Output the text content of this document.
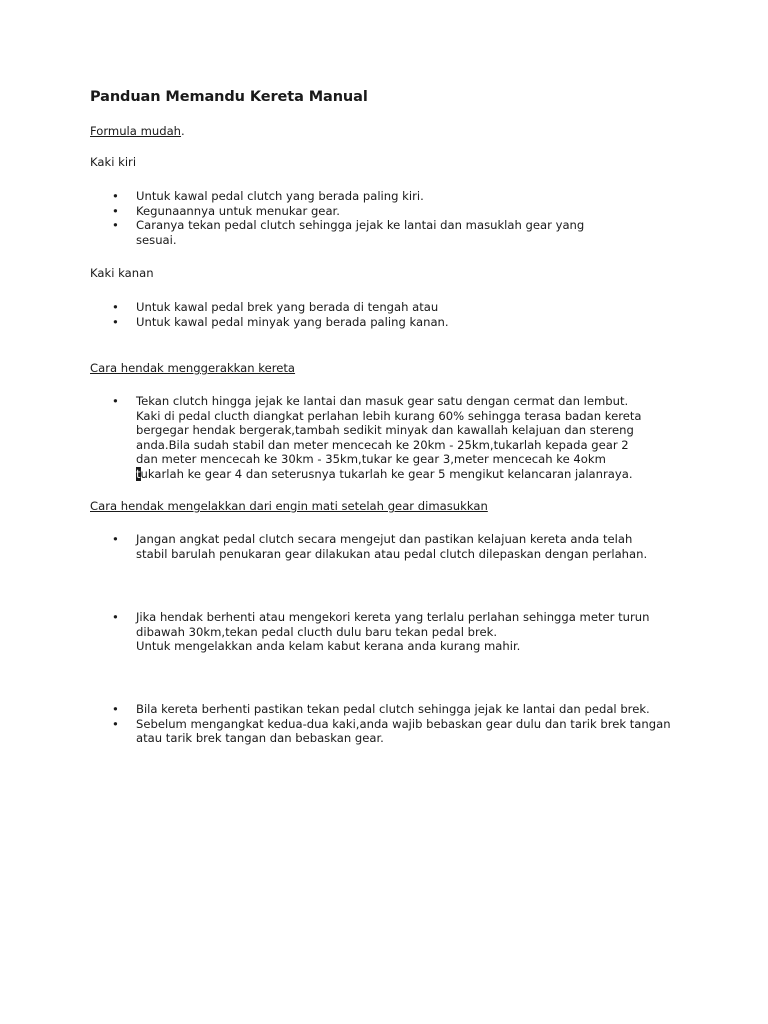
Panduan Memandu Kereta Manual

Formula mudah.

Kaki kiri

• Untuk kawal pedal clutch yang berada paling kiri.
• Kegunaannya untuk menukar gear.
• Caranya tekan pedal clutch sehingga jejak ke lantai dan masuklah gear yang
sesuai.

Kaki kanan

• Untuk kawal pedal brek yang berada di tengah atau
• Untuk kawal pedal minyak yang berada paling kanan.

Cara hendak menggerakkan kereta

• Tekan clutch hingga jejak ke lantai dan masuk gear satu dengan cermat dan lembut.
Kaki di pedal clucth diangkat perlahan lebih kurang 60% sehingga terasa badan kereta
bergegar hendak bergerak,tambah sedikit minyak dan kawallah kelajuan dan stereng
anda.Bila sudah stabil dan meter mencecah ke 20km - 25km,tukarlah kepada gear 2
dan meter mencecah ke 30km - 35km,tukar ke gear 3,meter mencecah ke 4okm
tukarlah ke gear 4 dan seterusnya tukarlah ke gear 5 mengikut kelancaran jalanraya.

Cara hendak mengelakkan dari engin mati setelah gear dimasukkan

• Jangan angkat pedal clutch secara mengejut dan pastikan kelajuan kereta anda telah
stabil barulah penukaran gear dilakukan atau pedal clutch dilepaskan dengan perlahan.
• Jika hendak berhenti atau mengekori kereta yang terlalu perlahan sehingga meter turun
dibawah 30km,tekan pedal clucth dulu baru tekan pedal brek.
Untuk mengelakkan anda kelam kabut kerana anda kurang mahir.
• Bila kereta berhenti pastikan tekan pedal clutch sehingga jejak ke lantai dan pedal brek.
• Sebelum mengangkat kedua-dua kaki,anda wajib bebaskan gear dulu dan tarik brek tangan
atau tarik brek tangan dan bebaskan gear.
